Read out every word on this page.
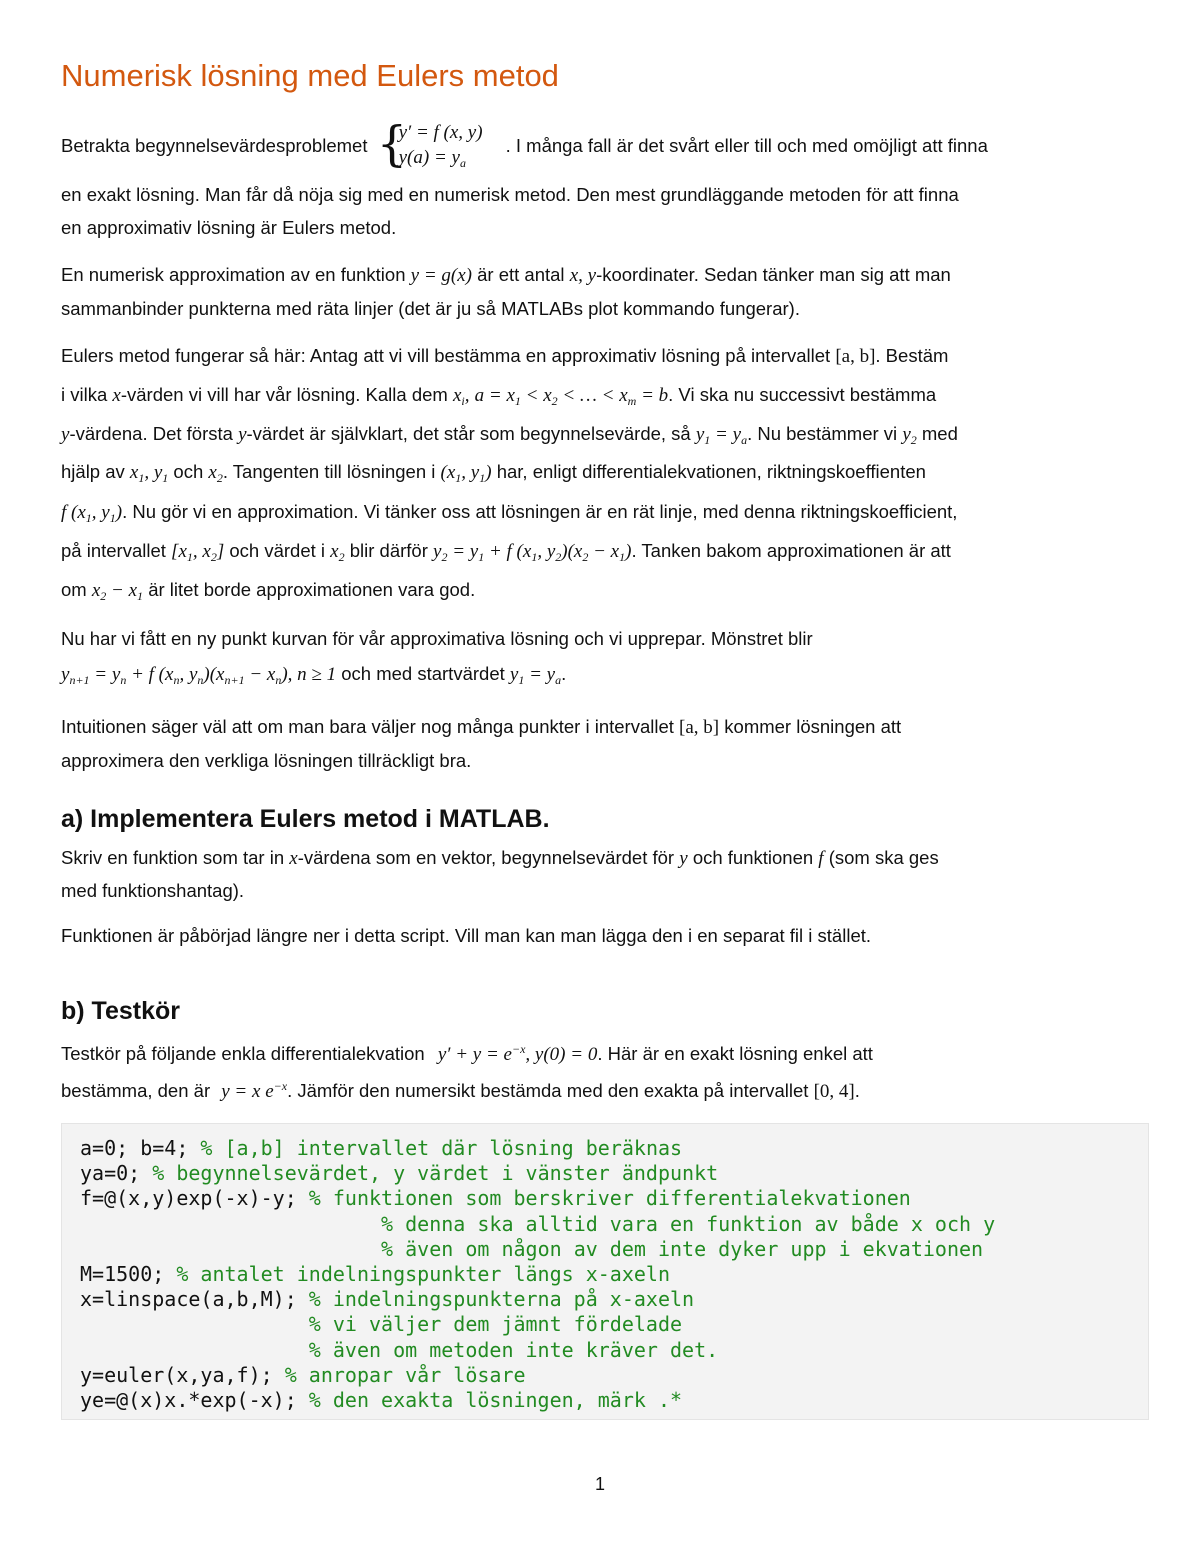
Numerisk lösning med Eulers metod
Betrakta begynnelsevärdesproblemet {
y′ = f (x, y)
$y(a) = y_a$
. I många fall är det svårt eller till och med omöjligt att finna
en exakt lösning. Man får då nöja sig med en numerisk metod. Den mest grundläggande metoden för att finna
en approximativ lösning är Eulers metod.
En numerisk approximation av en funktion y = g(x) är ett antal x, y-koordinater. Sedan tänker man sig att man
sammanbinder punkterna med räta linjer (det är ju så MATLABs plot kommando fungerar).
Eulers metod fungerar så här: Antag att vi vill bestämma en approximativ lösning på intervallet [a, b]. Bestäm
i vilka x-värden vi vill har vår lösning. Kalla dem $x_i$, $a = x_1 < x_2$ < … < $x_m = b$. Vi ska nu successivt bestämma
y-värdena. Det första y-värdet är självklart, det står som begynnelsevärde, så $y_1 = y_a$. Nu bestämmer vi $y_2$ med
hjälp av $x_1$, $y_1$ och $x_2$. Tangenten till lösningen i ($x_1$, $y_1$) har, enligt differentialekvationen, riktningskoeffienten
f ($x_1$, $y_1$). Nu gör vi en approximation. Vi tänker oss att lösningen är en rät linje, med denna riktningskoefficient,
på intervallet [$x_1$, $x_2$] och värdet i $x_2$ blir därför $y_2 = y_1 + f$ ($x_1$, $y_2)(x_2 - x_1)$. Tanken bakom approximationen är att
om $x_2 - x_1$ är litet borde approximationen vara god.
Nu har vi fått en ny punkt kurvan för vår approximativa lösning och vi upprepar. Mönstret blir
$y_{n+1} = y_n + f$ ($x_n$, $y_n)(x_{n+1} - x_n)$, n ≥ 1 och med startvärdet $y_1 = y_a$.
Intuitionen säger väl att om man bara väljer nog många punkter i intervallet [a, b] kommer lösningen att
approximera den verkliga lösningen tillräckligt bra.
a) Implementera Eulers metod i MATLAB.
Skriv en funktion som tar in x-värdena som en vektor, begynnelsevärdet för y och funktionen f (som ska ges
med funktionshantag).
Funktionen är påbörjad längre ner i detta script. Vill man kan man lägga den i en separat fil i stället.
b) Testkör
Testkör på följande enkla differentialekvation $y' + y = e^{-x}$, y(0) = 0. Här är en exakt lösning enkel att
bestämma, den är y = x $e^{-x}$. Jämför den numersikt bestämda med den exakta på intervallet [0, 4].
a=0; b=4; % [a,b] intervallet där lösning beräknas
ya=0; % begynnelsevärdet, y värdet i vänster ändpunkt
f=@(x,y)exp(-x)-y; % funktionen som berskriver differentialekvationen
% denna ska alltid vara en funktion av både x och y
% även om någon av dem inte dyker upp i ekvationen
M=1500; % antalet indelningspunkter längs x-axeln
x=linspace(a,b,M); % indelningspunkterna på x-axeln
% vi väljer dem jämnt fördelade
% även om metoden inte kräver det.
y=euler(x,ya,f); % anropar vår lösare
ye=@(x)x.*exp(-x); % den exakta lösningen, märk .*
1
